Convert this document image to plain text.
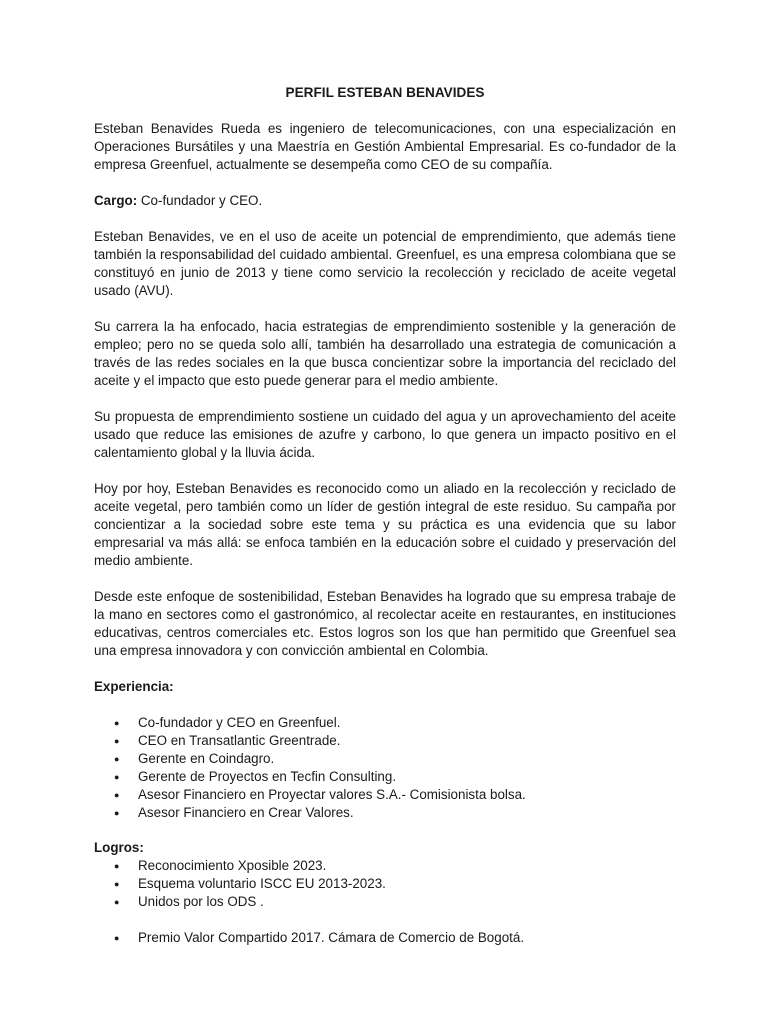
PERFIL ESTEBAN BENAVIDES

Esteban Benavides Rueda es ingeniero de telecomunicaciones, con una especialización en Operaciones Bursátiles y una Maestría en Gestión Ambiental Empresarial. Es co-fundador de la empresa Greenfuel, actualmente se desempeña como CEO de su compañía.

Cargo: Co-fundador y CEO.

Esteban Benavides, ve en el uso de aceite un potencial de emprendimiento, que además tiene también la responsabilidad del cuidado ambiental. Greenfuel, es una empresa colombiana que se constituyó en junio de 2013 y tiene como servicio la recolección y reciclado de aceite vegetal usado (AVU).

Su carrera la ha enfocado, hacia estrategias de emprendimiento sostenible y la generación de empleo; pero no se queda solo allí, también ha desarrollado una estrategia de comunicación a través de las redes sociales en la que busca concientizar sobre la importancia del reciclado del aceite y el impacto que esto puede generar para el medio ambiente.

Su propuesta de emprendimiento sostiene un cuidado del agua y un aprovechamiento del aceite usado que reduce las emisiones de azufre y carbono, lo que genera un impacto positivo en el calentamiento global y la lluvia ácida.

Hoy por hoy, Esteban Benavides es reconocido como un aliado en la recolección y reciclado de aceite vegetal, pero también como un líder de gestión integral de este residuo. Su campaña por concientizar a la sociedad sobre este tema y su práctica es una evidencia que su labor empresarial va más allá: se enfoca también en la educación sobre el cuidado y preservación del medio ambiente.

Desde este enfoque de sostenibilidad, Esteban Benavides ha logrado que su empresa trabaje de la mano en sectores como el gastronómico, al recolectar aceite en restaurantes, en instituciones educativas, centros comerciales etc. Estos logros son los que han permitido que Greenfuel sea una empresa innovadora y con convicción ambiental en Colombia.

Experiencia:
● Co-fundador y CEO en Greenfuel.
● CEO en Transatlantic Greentrade.
● Gerente en Coindagro.
● Gerente de Proyectos en Tecfin Consulting.
● Asesor Financiero en Proyectar valores S.A.- Comisionista bolsa.
● Asesor Financiero en Crear Valores.
Logros:
● Reconocimiento Xposible 2023.
● Esquema voluntario ISCC EU 2013-2023.
● Unidos por los ODS .
● Premio Valor Compartido 2017. Cámara de Comercio de Bogotá.
